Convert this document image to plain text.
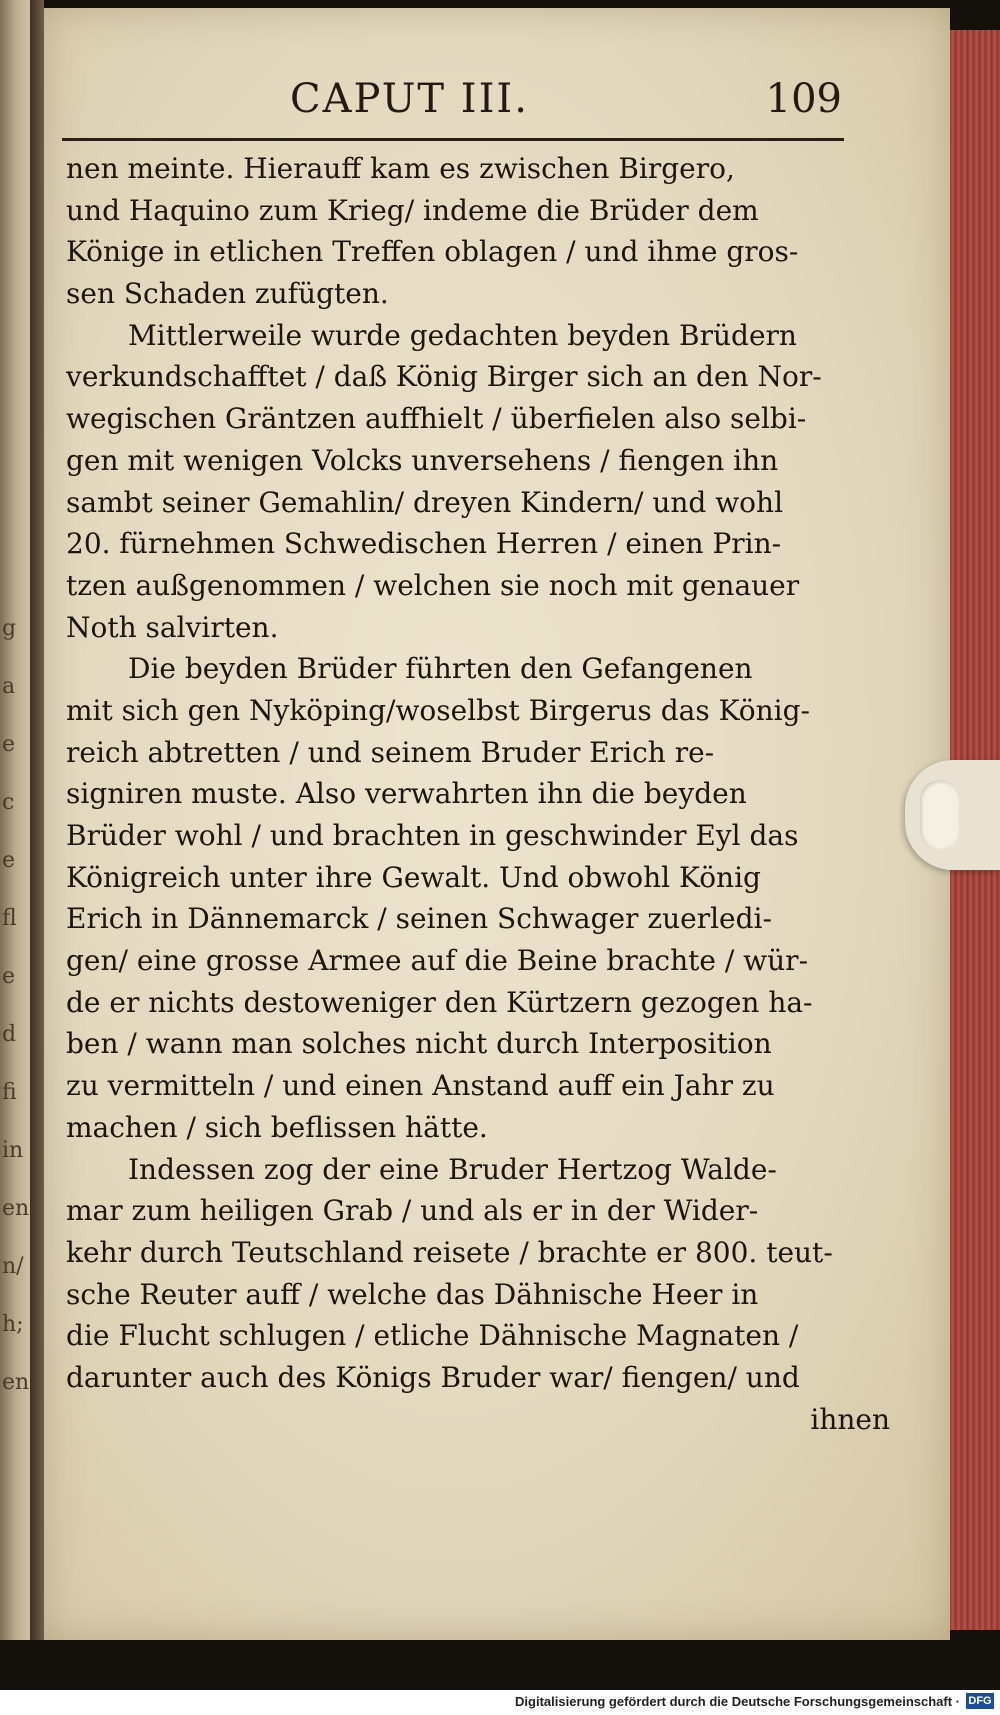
g
a
e
c
e
fl
e
d
fi
in
en
n/
h;
en
CAPUT III.	109
nen meinte. Hierauff kam es zwischen Birgero,
und Haquino zum Krieg/ indeme die Brüder dem
Könige in etlichen Treffen oblagen / und ihme gros-
sen Schaden zufügten.
Mittlerweile wurde gedachten beyden Brüdern
verkundschafftet / daß König Birger sich an den Nor-
wegischen Gräntzen auffhielt / überfielen also selbi-
gen mit wenigen Volcks unversehens / fiengen ihn
sambt seiner Gemahlin/ dreyen Kindern/ und wohl
20. fürnehmen Schwedischen Herren / einen Prin-
tzen außgenommen / welchen sie noch mit genauer
Noth salvirten.
Die beyden Brüder führten den Gefangenen
mit sich gen Nyköping/woselbst Birgerus das König-
reich abtretten / und seinem Bruder Erich re-
signiren muste. Also verwahrten ihn die beyden
Brüder wohl / und brachten in geschwinder Eyl das
Königreich unter ihre Gewalt. Und obwohl König
Erich in Dännemarck / seinen Schwager zuerledi-
gen/ eine grosse Armee auf die Beine brachte / wür-
de er nichts destoweniger den Kürtzern gezogen ha-
ben / wann man solches nicht durch Interposition
zu vermitteln / und einen Anstand auff ein Jahr zu
machen / sich beflissen hätte.
Indessen zog der eine Bruder Hertzog Walde-
mar zum heiligen Grab / und als er in der Wider-
kehr durch Teutschland reisete / brachte er 800. teut-
sche Reuter auff / welche das Dähnische Heer in
die Flucht schlugen / etliche Dähnische Magnaten /
darunter auch des Königs Bruder war/ fiengen/ und
ihnen
Digitalisierung gefördert durch die Deutsche Forschungsgemeinschaft · DFG
